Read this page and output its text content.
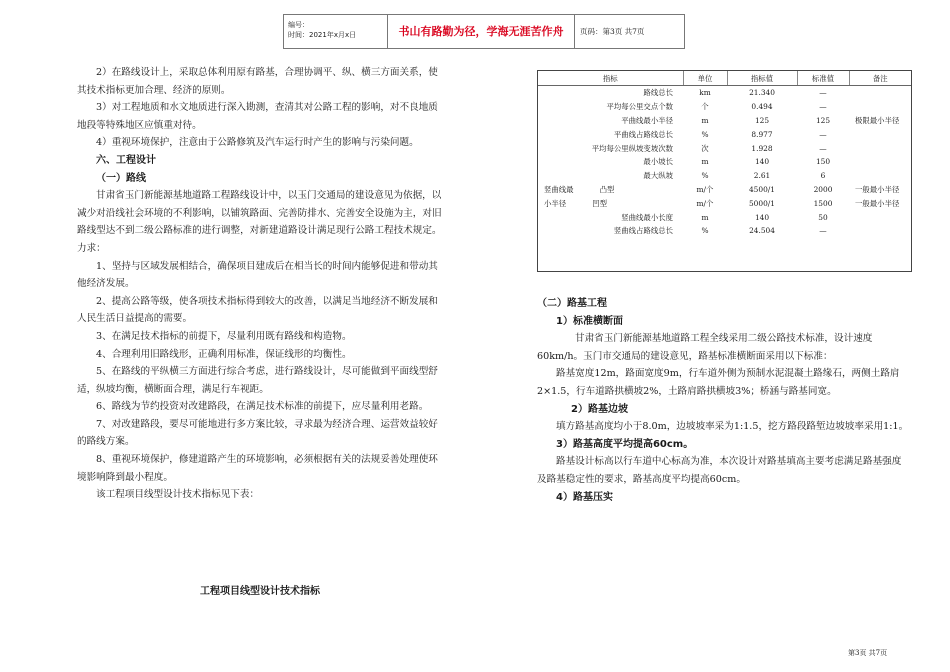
编号：
时间：2021年x月x日	书山有路勤为径，学海无涯苦作舟	页码：第3页 共7页

2）在路线设计上，采取总体利用原有路基，合理协调平、纵、横三方面关系，使其技术指标更加合理、经济的原则。

3）对工程地质和水文地质进行深入勘测，查清其对公路工程的影响，对不良地质地段等特殊地区应慎重对待。

4）重视环境保护，注意由于公路修筑及汽车运行时产生的影响与污染问题。

六、工程设计

（一）路线

甘肃省玉门新能源基地道路工程路线设计中，以玉门交通局的建设意见为依据，以减少对沿线社会环境的不利影响，以铺筑路面、完善防排水、完善安全设施为主，对旧路线型达不到二级公路标准的进行调整，对新建道路设计满足现行公路工程技术规定。力求：

1、坚持与区域发展相结合，确保项目建成后在相当长的时间内能够促进和带动其他经济发展。

2、提高公路等级，使各项技术指标得到较大的改善，以满足当地经济不断发展和人民生活日益提高的需要。

3、在满足技术指标的前提下，尽量利用既有路线和构造物。

4、合理利用旧路线形，正确利用标准，保证线形的均衡性。

5、在路线的平纵横三方面进行综合考虑，进行路线设计，尽可能做到平面线型舒适，纵坡均衡，横断面合理，满足行车视距。

6、路线为节约投资对改建路段，在满足技术标准的前提下，应尽量利用老路。

7、对改建路段，要尽可能地进行多方案比较，寻求最为经济合理、运营效益较好的路线方案。

8、重视环境保护，修建道路产生的环境影响，必须根据有关的法规妥善处理使环境影响降到最小程度。

该工程项目线型设计技术指标见下表：

工程项目线型设计技术指标
指标	单位	指标值	标准值	备注
路线总长	km	21.340	—	
平均每公里交点个数	个	0.494	—	
平曲线最小半径	m	125	125	极限最小半径
平曲线占路线总长	%	8.977	—	
平均每公里纵坡变坡次数	次	1.928	—	
最小坡长	m	140	150	
最大纵坡	%	2.61	6	
竖曲线最 凸型	m/个	4500/1	2000	一般最小半径
小半径 凹型	m/个	5000/1	1500	一般最小半径
竖曲线最小长度	m	140	50	
竖曲线占路线总长	%	24.504	—	

（二）路基工程

1）标准横断面

甘肃省玉门新能源基地道路工程全线采用二级公路技术标准，设计速度60km/h。玉门市交通局的建设意见，路基标准横断面采用以下标准：

路基宽度12m，路面宽度9m，行车道外侧为预制水泥混凝土路缘石，两侧土路肩2×1.5，行车道路拱横坡2%，土路肩路拱横坡3%；桥涵与路基同宽。

2）路基边坡

填方路基高度均小于8.0m，边坡坡率采为1:1.5，挖方路段路堑边坡坡率采用1:1。

3）路基高度平均提高60cm。

路基设计标高以行车道中心标高为准，本次设计对路基填高主要考虑满足路基强度及路基稳定性的要求，路基高度平均提高60cm。

4）路基压实

第3页 共7页
